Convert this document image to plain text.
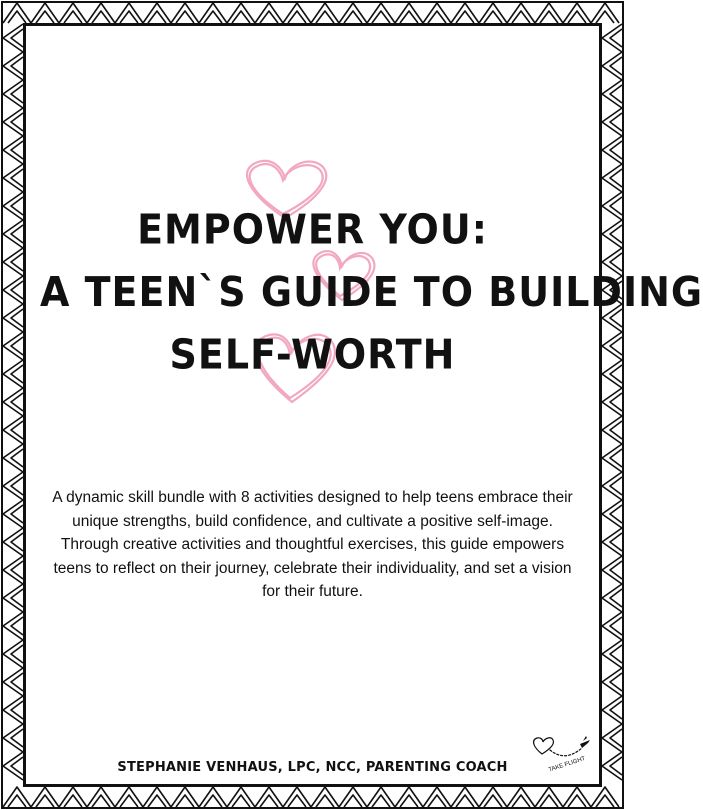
EMPOWER YOU:
A TEEN`S GUIDE TO BUILDING
SELF-WORTH
A dynamic skill bundle with 8 activities designed to help teens embrace their unique strengths, build confidence, and cultivate a positive self-image. Through creative activities and thoughtful exercises, this guide empowers teens to reflect on their journey, celebrate their individuality, and set a vision for their future.
STEPHANIE VENHAUS, LPC, NCC, PARENTING COACH	TAKE FLIGHT
